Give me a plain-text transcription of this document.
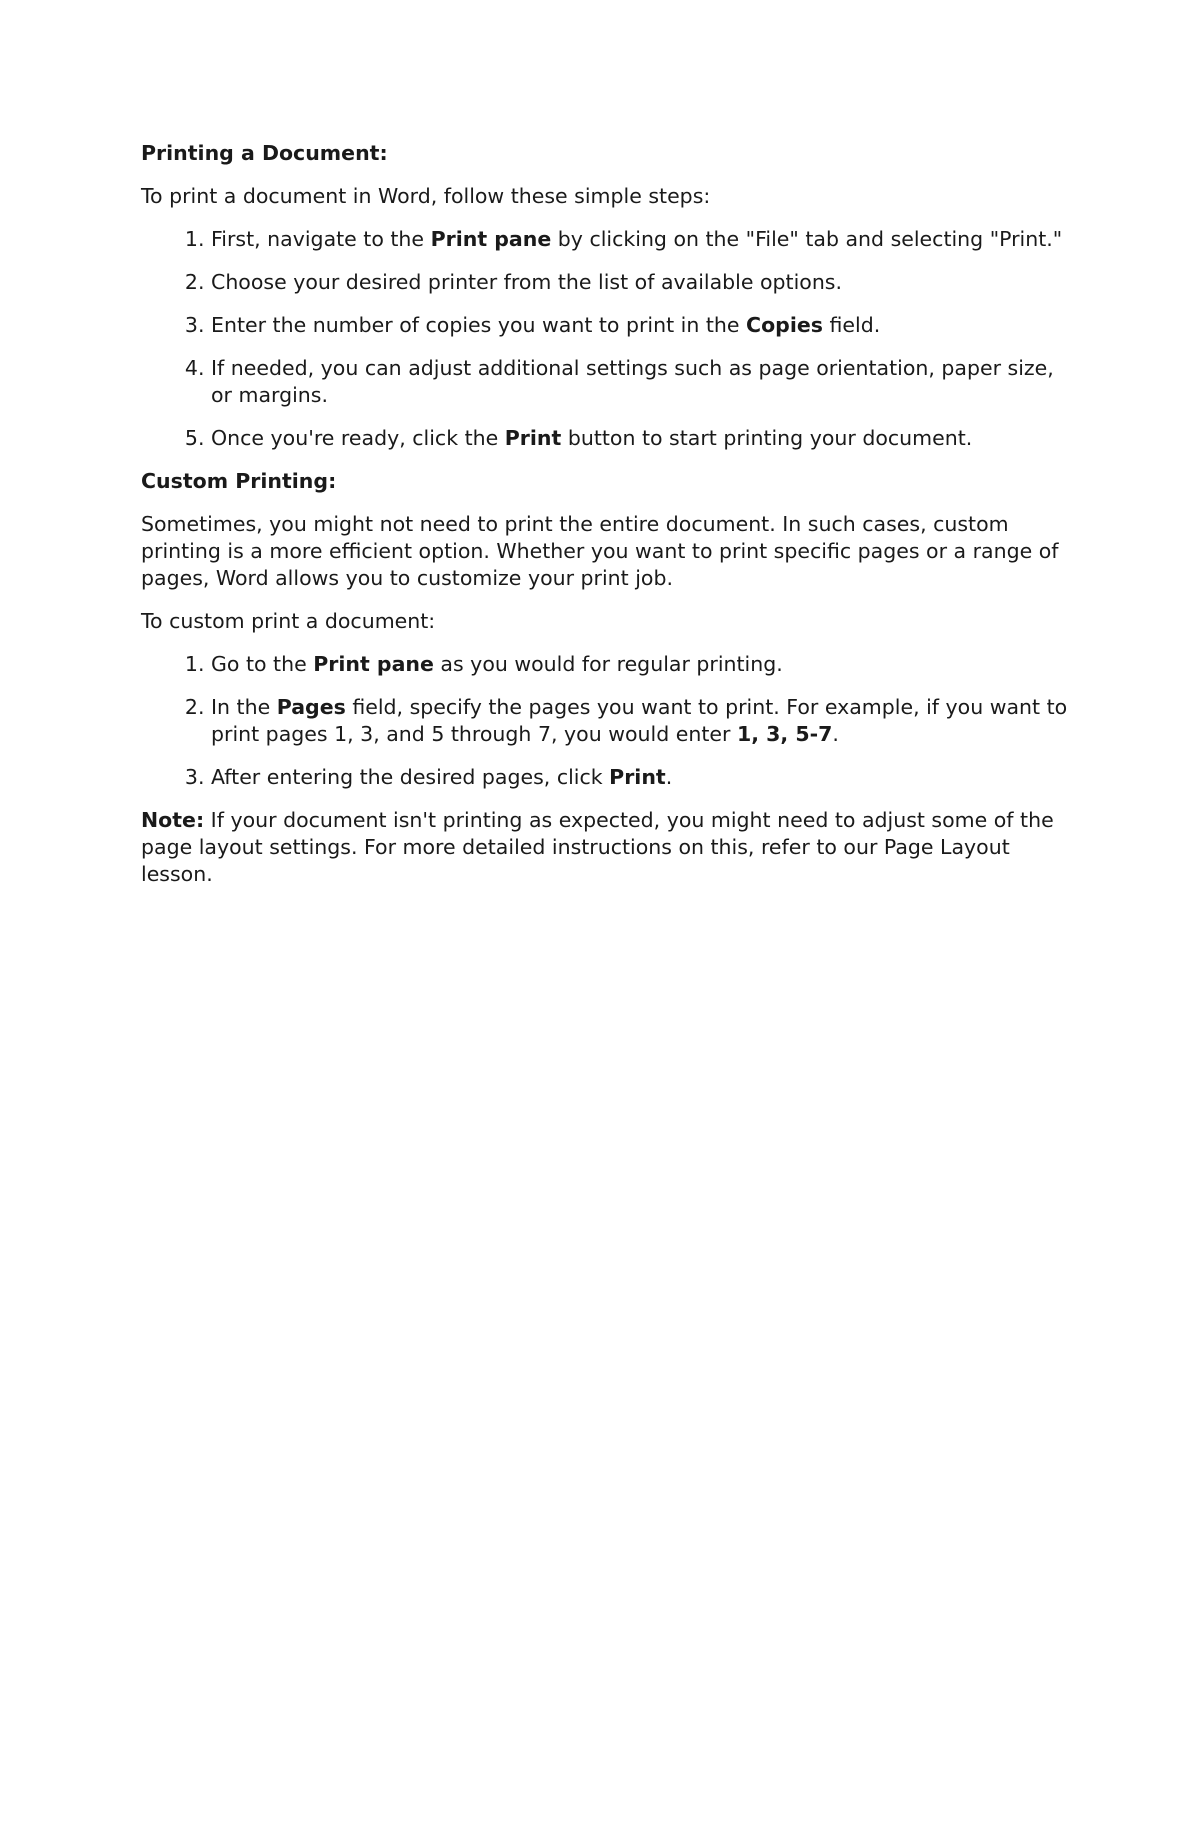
Printing a Document:

To print a document in Word, follow these simple steps:

1. First, navigate to the Print pane by clicking on the "File" tab and selecting "Print."
2. Choose your desired printer from the list of available options.
3. Enter the number of copies you want to print in the Copies field.
4. If needed, you can adjust additional settings such as page orientation, paper size, or margins.
5. Once you're ready, click the Print button to start printing your document.

Custom Printing:

Sometimes, you might not need to print the entire document. In such cases, custom printing is a more efficient option. Whether you want to print specific pages or a range of pages, Word allows you to customize your print job.

To custom print a document:

1. Go to the Print pane as you would for regular printing.
2. In the Pages field, specify the pages you want to print. For example, if you want to print pages 1, 3, and 5 through 7, you would enter 1, 3, 5-7.
3. After entering the desired pages, click Print.

Note: If your document isn't printing as expected, you might need to adjust some of the page layout settings. For more detailed instructions on this, refer to our Page Layout lesson.
